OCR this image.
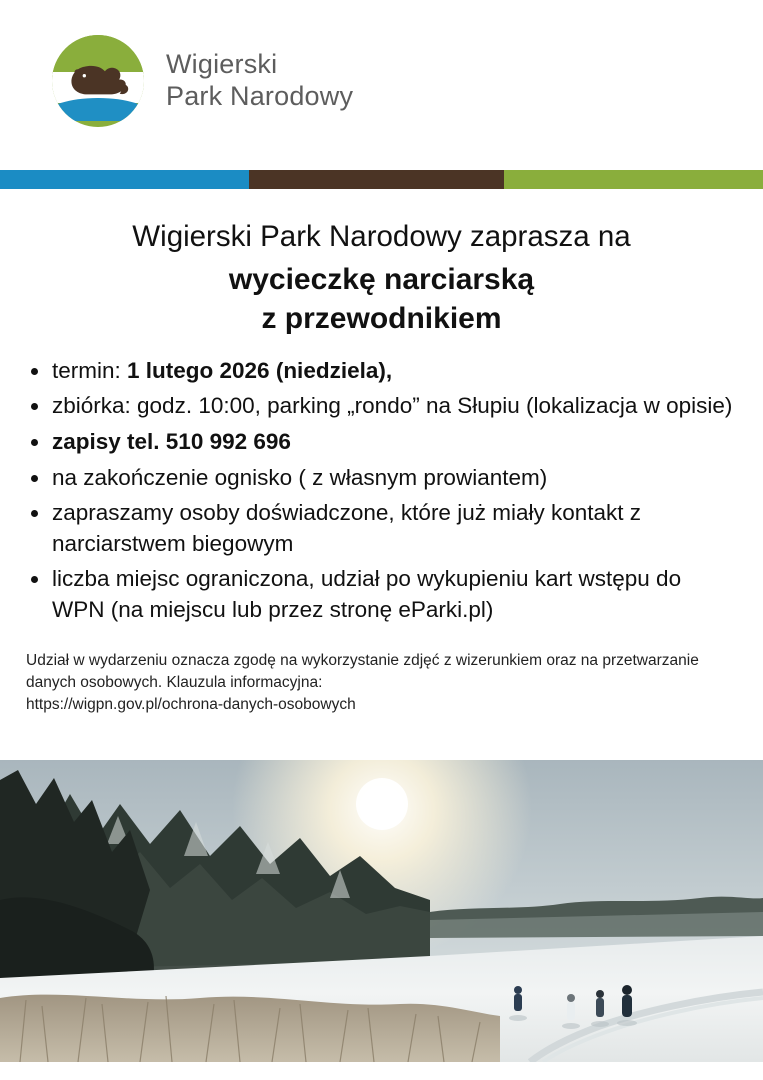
Wigierski
Park Narodowy
Wigierski Park Narodowy zaprasza na
wycieczkę narciarską
z przewodnikiem
termin: 1 lutego 2026 (niedziela),
zbiórka: godz. 10:00, parking „rondo” na Słupiu (lokalizacja w opisie)
zapisy tel. 510 992 696
na zakończenie ognisko ( z własnym prowiantem)
zapraszamy osoby doświadczone, które już miały kontakt z narciarstwem biegowym
liczba miejsc ograniczona, udział po wykupieniu kart wstępu do WPN (na miejscu lub przez stronę eParki.pl)
Udział w wydarzeniu oznacza zgodę na wykorzystanie zdjęć z wizerunkiem oraz na przetwarzanie danych osobowych. Klauzula informacyjna:
https://wigpn.gov.pl/ochrona-danych-osobowych
